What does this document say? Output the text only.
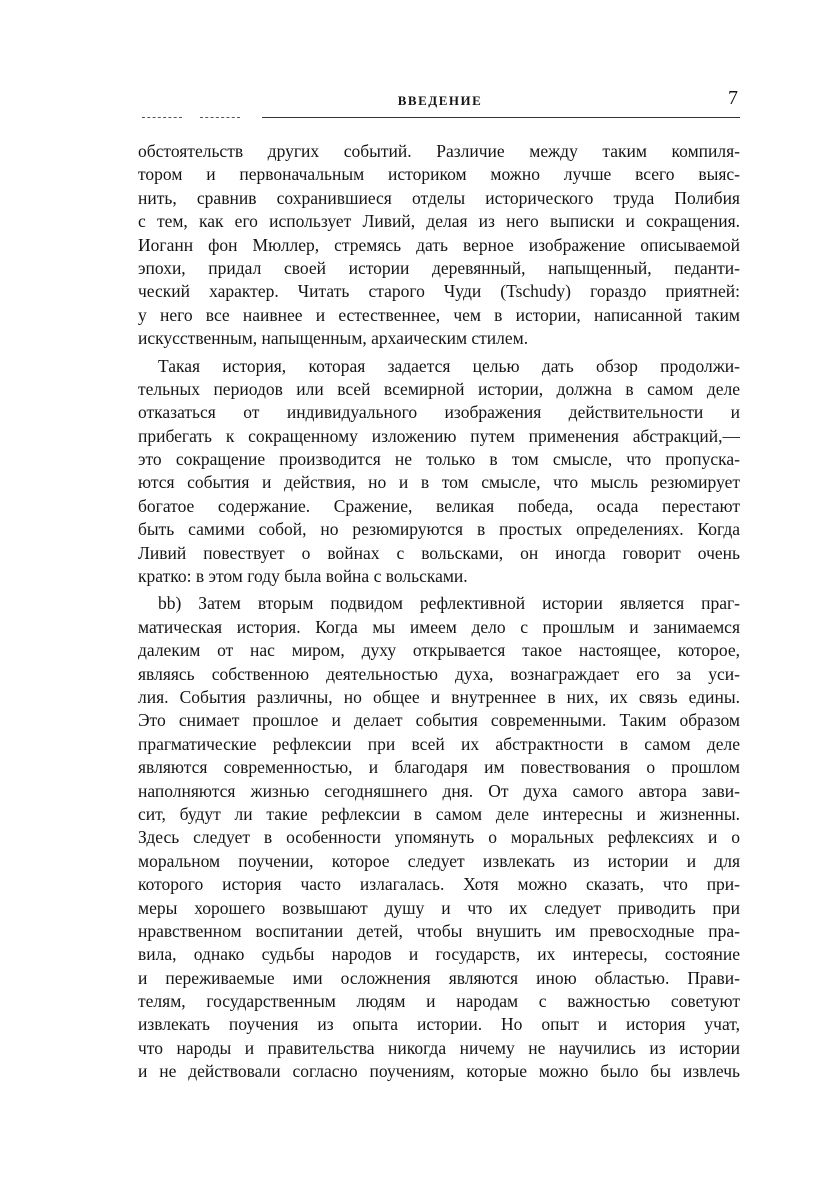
ВВЕДЕНИЕ	7

обстоятельств других событий. Различие между таким компиля-
тором и первоначальным историком можно лучше всего выяс-
нить, сравнив сохранившиеся отделы исторического труда Полибия
с тем, как его использует Ливий, делая из него выписки и сокращения.
Иоганн фон Мюллер, стремясь дать верное изображение описываемой
эпохи, придал своей истории деревянный, напыщенный, педанти-
ческий характер. Читать старого Чуди (Tschudy) гораздо приятней:
у него все наивнее и естественнее, чем в истории, написанной таким
искусственным, напыщенным, архаическим стилем.

Такая история, которая задается целью дать обзор продолжи-
тельных периодов или всей всемирной истории, должна в самом деле
отказаться от индивидуального изображения действительности и
прибегать к сокращенному изложению путем применения абстракций,—
это сокращение производится не только в том смысле, что пропуска-
ются события и действия, но и в том смысле, что мысль резюмирует
богатое содержание. Сражение, великая победа, осада перестают
быть самими собой, но резюмируются в простых определениях. Когда
Ливий повествует о войнах с вольсками, он иногда говорит очень
кратко: в этом году была война с вольсками.

bb) Затем вторым подвидом рефлективной истории является праг-
матическая история. Когда мы имеем дело с прошлым и занимаемся
далеким от нас миром, духу открывается такое настоящее, которое,
являясь собственною деятельностью духа, вознаграждает его за уси-
лия. События различны, но общее и внутреннее в них, их связь едины.
Это снимает прошлое и делает события современными. Таким образом
прагматические рефлексии при всей их абстрактности в самом деле
являются современностью, и благодаря им повествования о прошлом
наполняются жизнью сегодняшнего дня. От духа самого автора зави-
сит, будут ли такие рефлексии в самом деле интересны и жизненны.
Здесь следует в особенности упомянуть о моральных рефлексиях и о
моральном поучении, которое следует извлекать из истории и для
которого история часто излагалась. Хотя можно сказать, что при-
меры хорошего возвышают душу и что их следует приводить при
нравственном воспитании детей, чтобы внушить им превосходные пра-
вила, однако судьбы народов и государств, их интересы, состояние
и переживаемые ими осложнения являются иною областью. Прави-
телям, государственным людям и народам с важностью советуют
извлекать поучения из опыта истории. Но опыт и история учат,
что народы и правительства никогда ничему не научились из истории
и не действовали согласно поучениям, которые можно было бы извлечь
